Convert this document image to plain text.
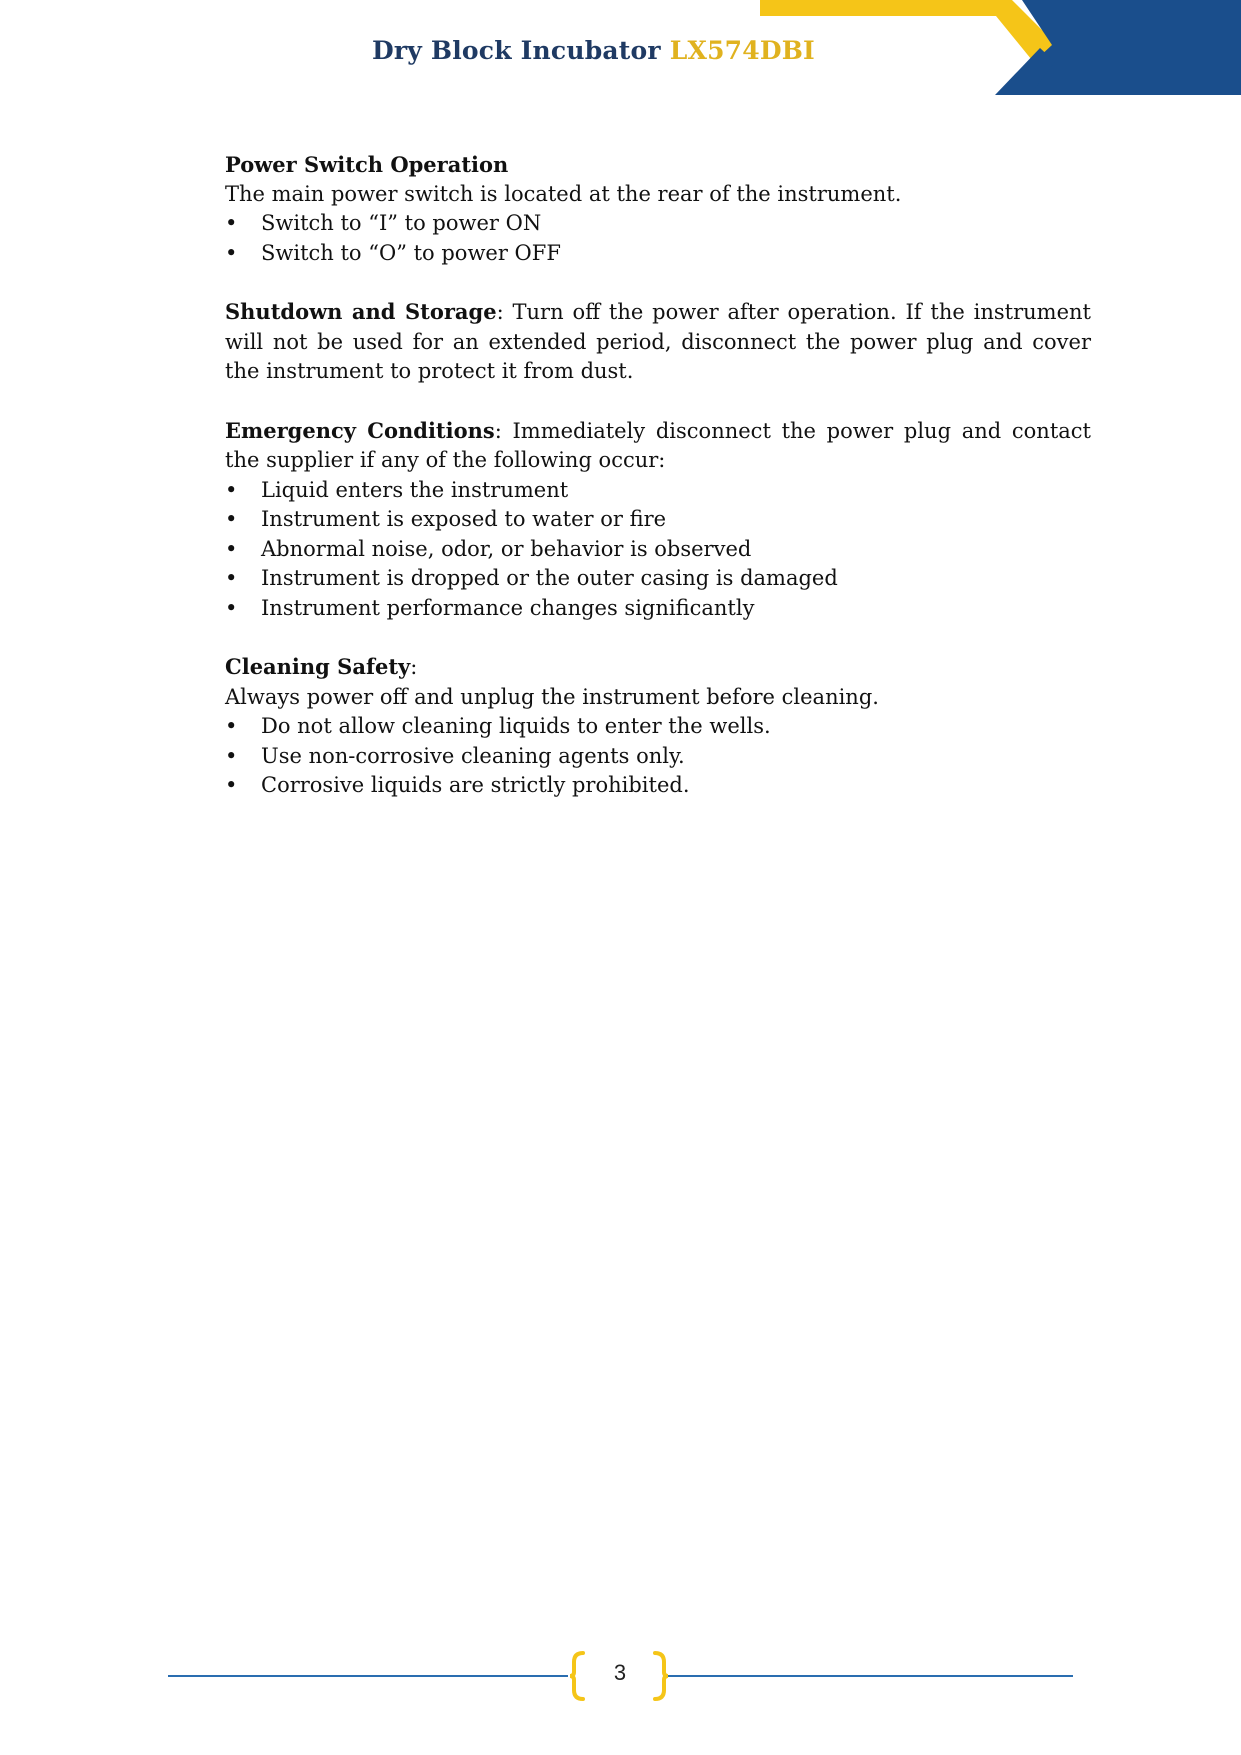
Dry Block Incubator LX574DBI

Power Switch Operation

The main power switch is located at the rear of the instrument.

• Switch to “I” to power ON
• Switch to “O” to power OFF

Shutdown and Storage: Turn off the power after operation. If the instrument will not be used for an extended period, disconnect the power plug and cover the instrument to protect it from dust.

Emergency Conditions: Immediately disconnect the power plug and contact the supplier if any of the following occur:

• Liquid enters the instrument
• Instrument is exposed to water or fire
• Abnormal noise, odor, or behavior is observed
• Instrument is dropped or the outer casing is damaged
• Instrument performance changes significantly

Cleaning Safety:

Always power off and unplug the instrument before cleaning.

• Do not allow cleaning liquids to enter the wells.
• Use non-corrosive cleaning agents only.
• Corrosive liquids are strictly prohibited.
3
